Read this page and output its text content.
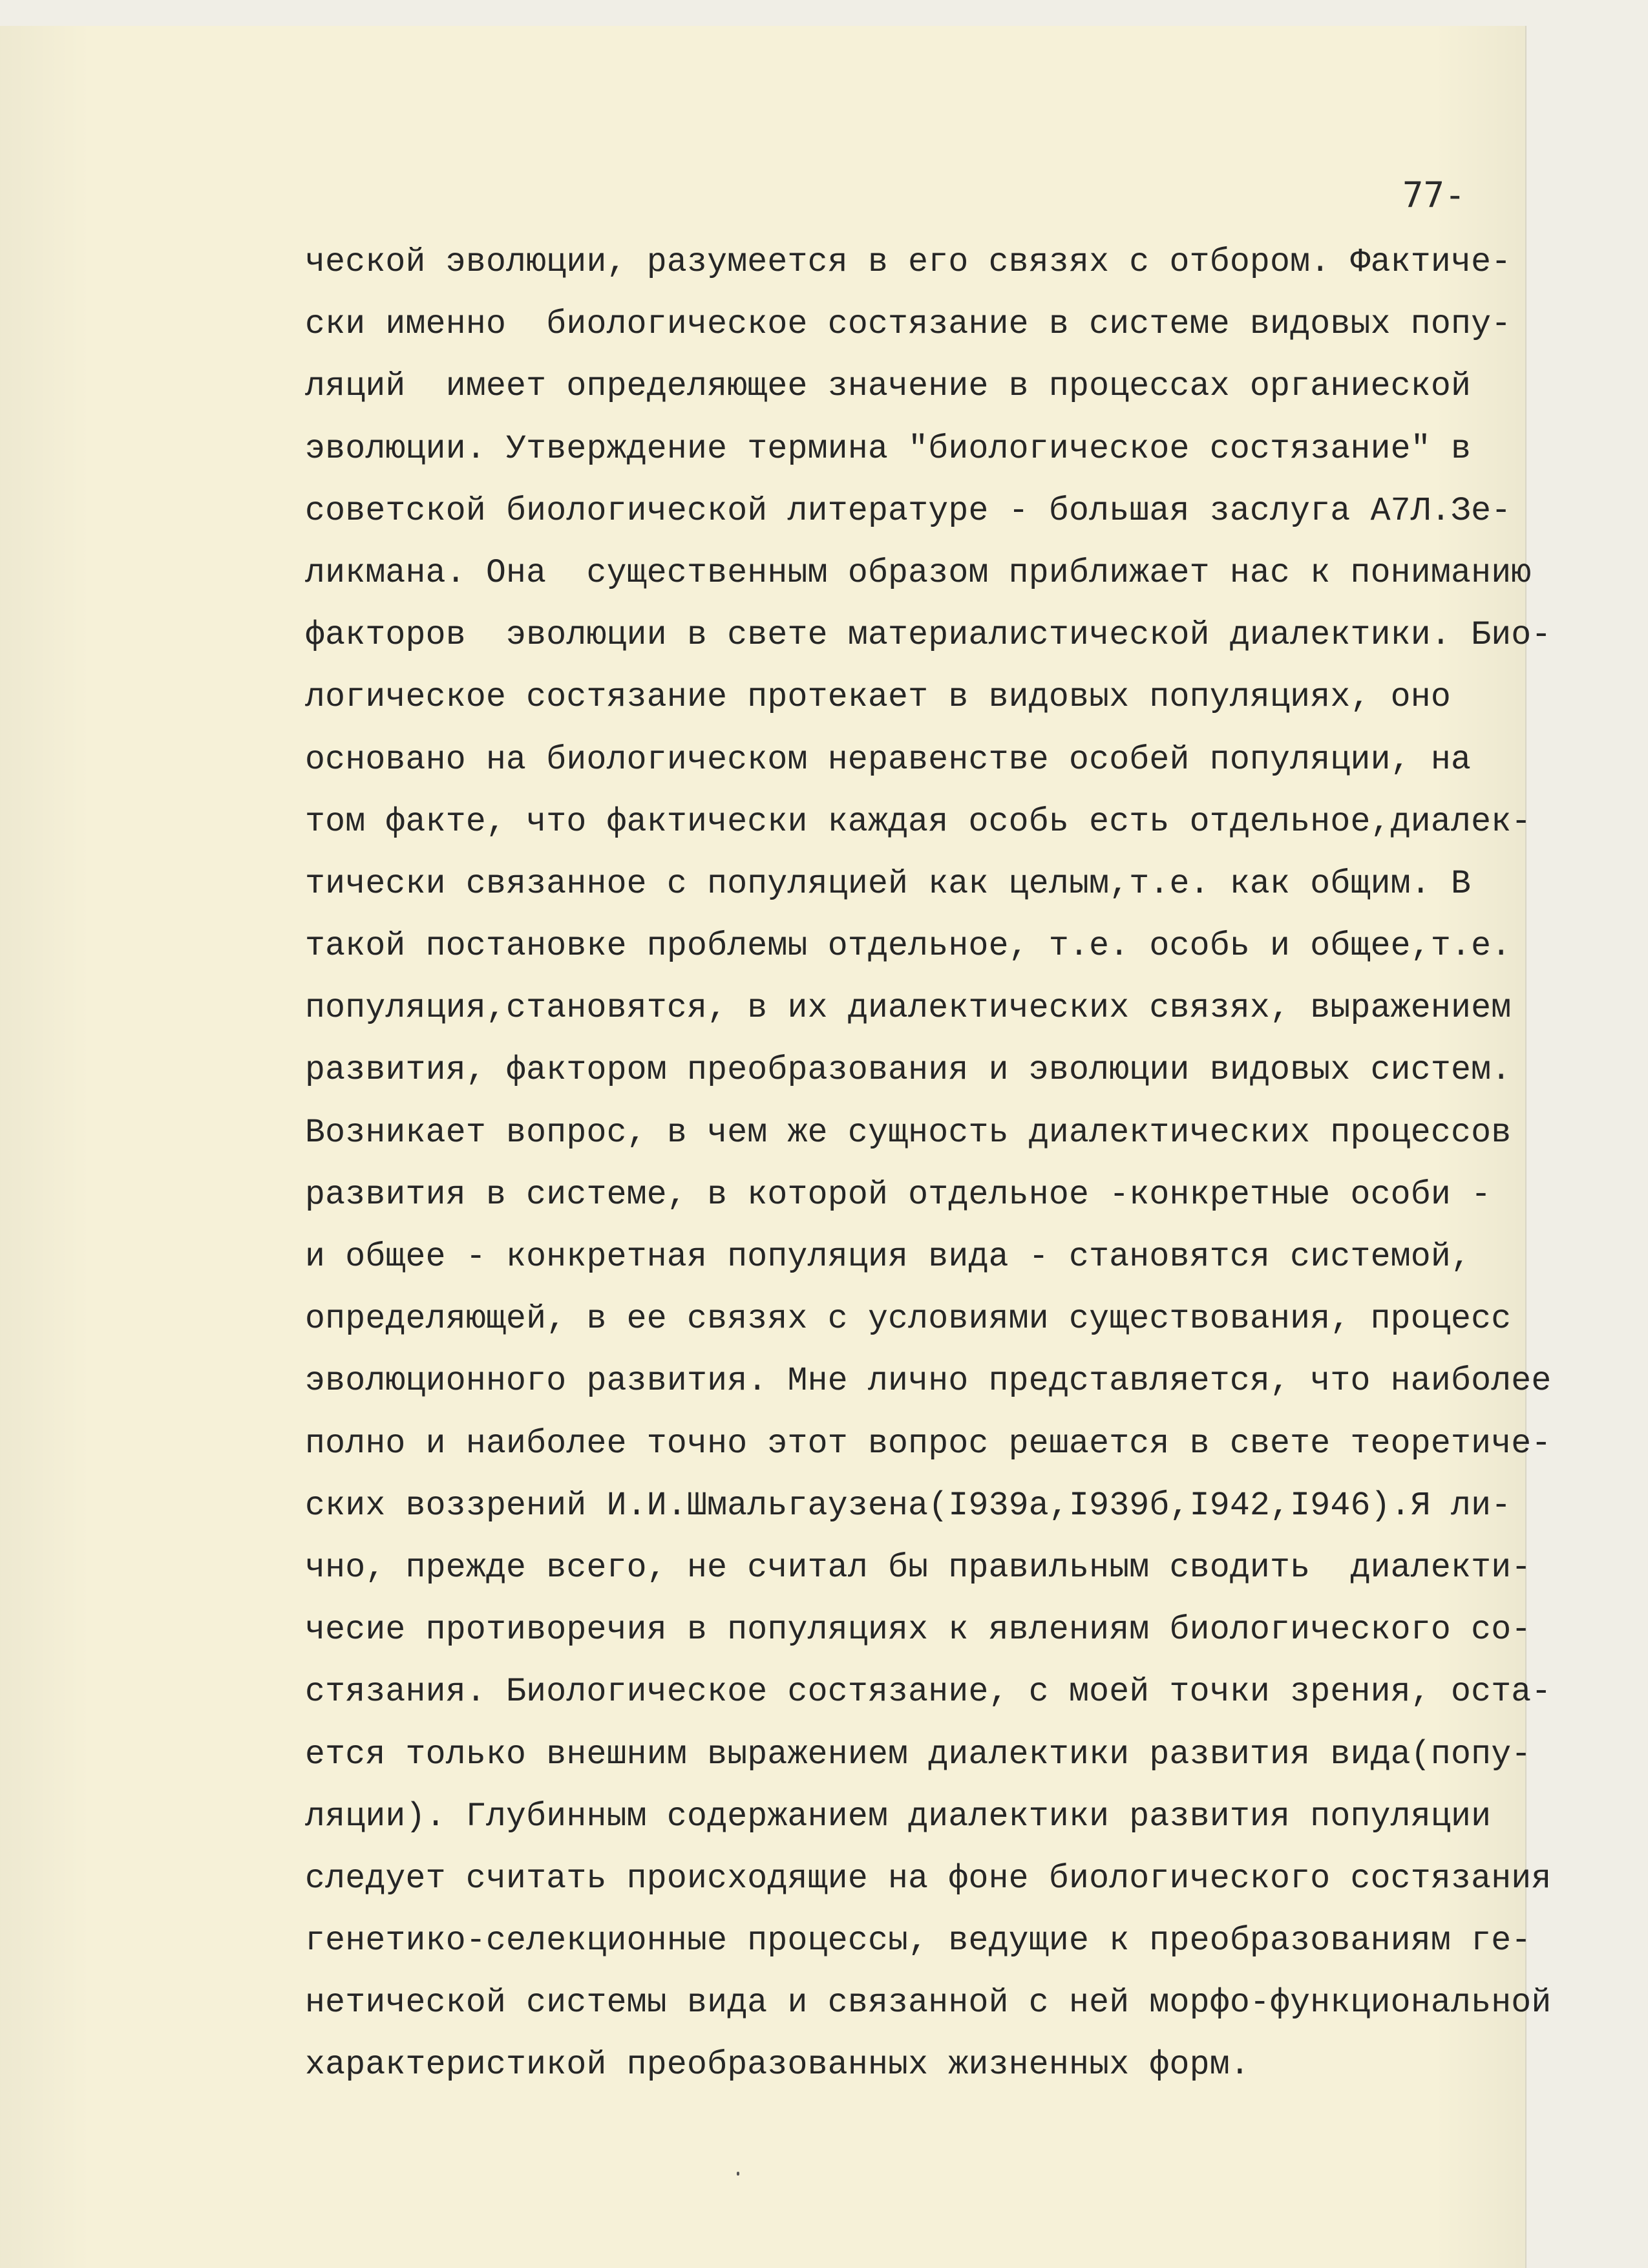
77-
ческой эволюции, разумеется в его связях с отбором. Фактичe-
ски именно  биологическое состязание в системе видовых попу-
ляций  имеет определяющее значение в процессах органиеской
эволюции. Утверждение термина "биологическое состязание" в
советской биологической литературе - большая заслуга А7Л.Зе-
ликмана. Она  существенным образом приближает нас к пониманию
факторов  эволюции в свете материалистической диалектики. Био-
логическое состязание протекает в видовых популяциях, оно
основано на биологическом неравенстве особей популяции, на
том факте, что фактически каждая особь есть отдельное,диалек-
тически связанное с популяцией как целым,т.е. как общим. В
такой постановке проблемы отдельное, т.е. особь и общее,т.е.
популяция,становятся, в их диалектических связях, выражением
развития, фактором преобразования и эволюции видовых систем.
Возникает вопрос, в чем же сущность диалектических процессов
развития в системе, в которой отдельное -конкретные особи -
и общее - конкретная популяция вида - становятся системой,
определяющей, в ее связях с условиями существования, процесс
эволюционного развития. Мне лично представляется, что наиболее
полно и наиболее точно этот вопрос решается в свете теоретиче-
ских воззрений И.И.Шмальгаузена(I939а,I939б,I942,I946).Я ли-
чно, прежде всего, не считал бы правильным сводить  диалекти-
чесие противоречия в популяциях к явлениям биологического со-
стязания. Биологическое состязание, с моей точки зрения, оста-
ется только внешним выражением диалектики развития вида(попу-
ляции). Глубинным содержанием диалектики развития популяции
следует считать происходящие на фоне биологического состязания
генетико-селекционные процессы, ведущие к преобразованиям ге-
нетической системы вида и связанной с ней морфо-функциональной
характеристикой преобразованных жизненных форм.
